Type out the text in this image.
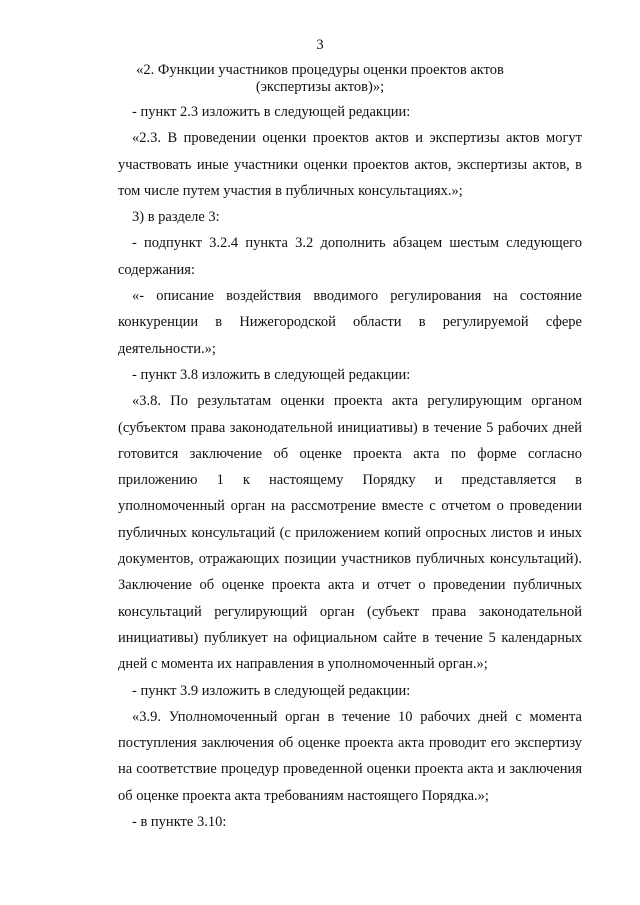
3
«2. Функции участников процедуры оценки проектов актов (экспертизы актов)»;

- пункт 2.3 изложить в следующей редакции:

«2.3. В проведении оценки проектов актов и экспертизы актов могут участвовать иные участники оценки проектов актов, экспертизы актов, в том числе путем участия в публичных консультациях.»;

3) в разделе 3:

- подпункт 3.2.4 пункта 3.2 дополнить абзацем шестым следующего содержания:

«- описание воздействия вводимого регулирования на состояние конкуренции в Нижегородской области в регулируемой сфере деятельности.»;

- пункт 3.8 изложить в следующей редакции:

«3.8. По результатам оценки проекта акта регулирующим органом (субъектом права законодательной инициативы) в течение 5 рабочих дней готовится заключение об оценке проекта акта по форме согласно приложению 1 к настоящему Порядку и представляется в уполномоченный орган на рассмотрение вместе с отчетом о проведении публичных консультаций (с приложением копий опросных листов и иных документов, отражающих позиции участников публичных консультаций). Заключение об оценке проекта акта и отчет о проведении публичных консультаций регулирующий орган (субъект права законодательной инициативы) публикует на официальном сайте в течение 5 календарных дней с момента их направления в уполномоченный орган.»;

- пункт 3.9 изложить в следующей редакции:

«3.9. Уполномоченный орган в течение 10 рабочих дней с момента поступления заключения об оценке проекта акта проводит его экспертизу на соответствие процедур проведенной оценки проекта акта и заключения об оценке проекта акта требованиям настоящего Порядка.»;

- в пункте 3.10:
